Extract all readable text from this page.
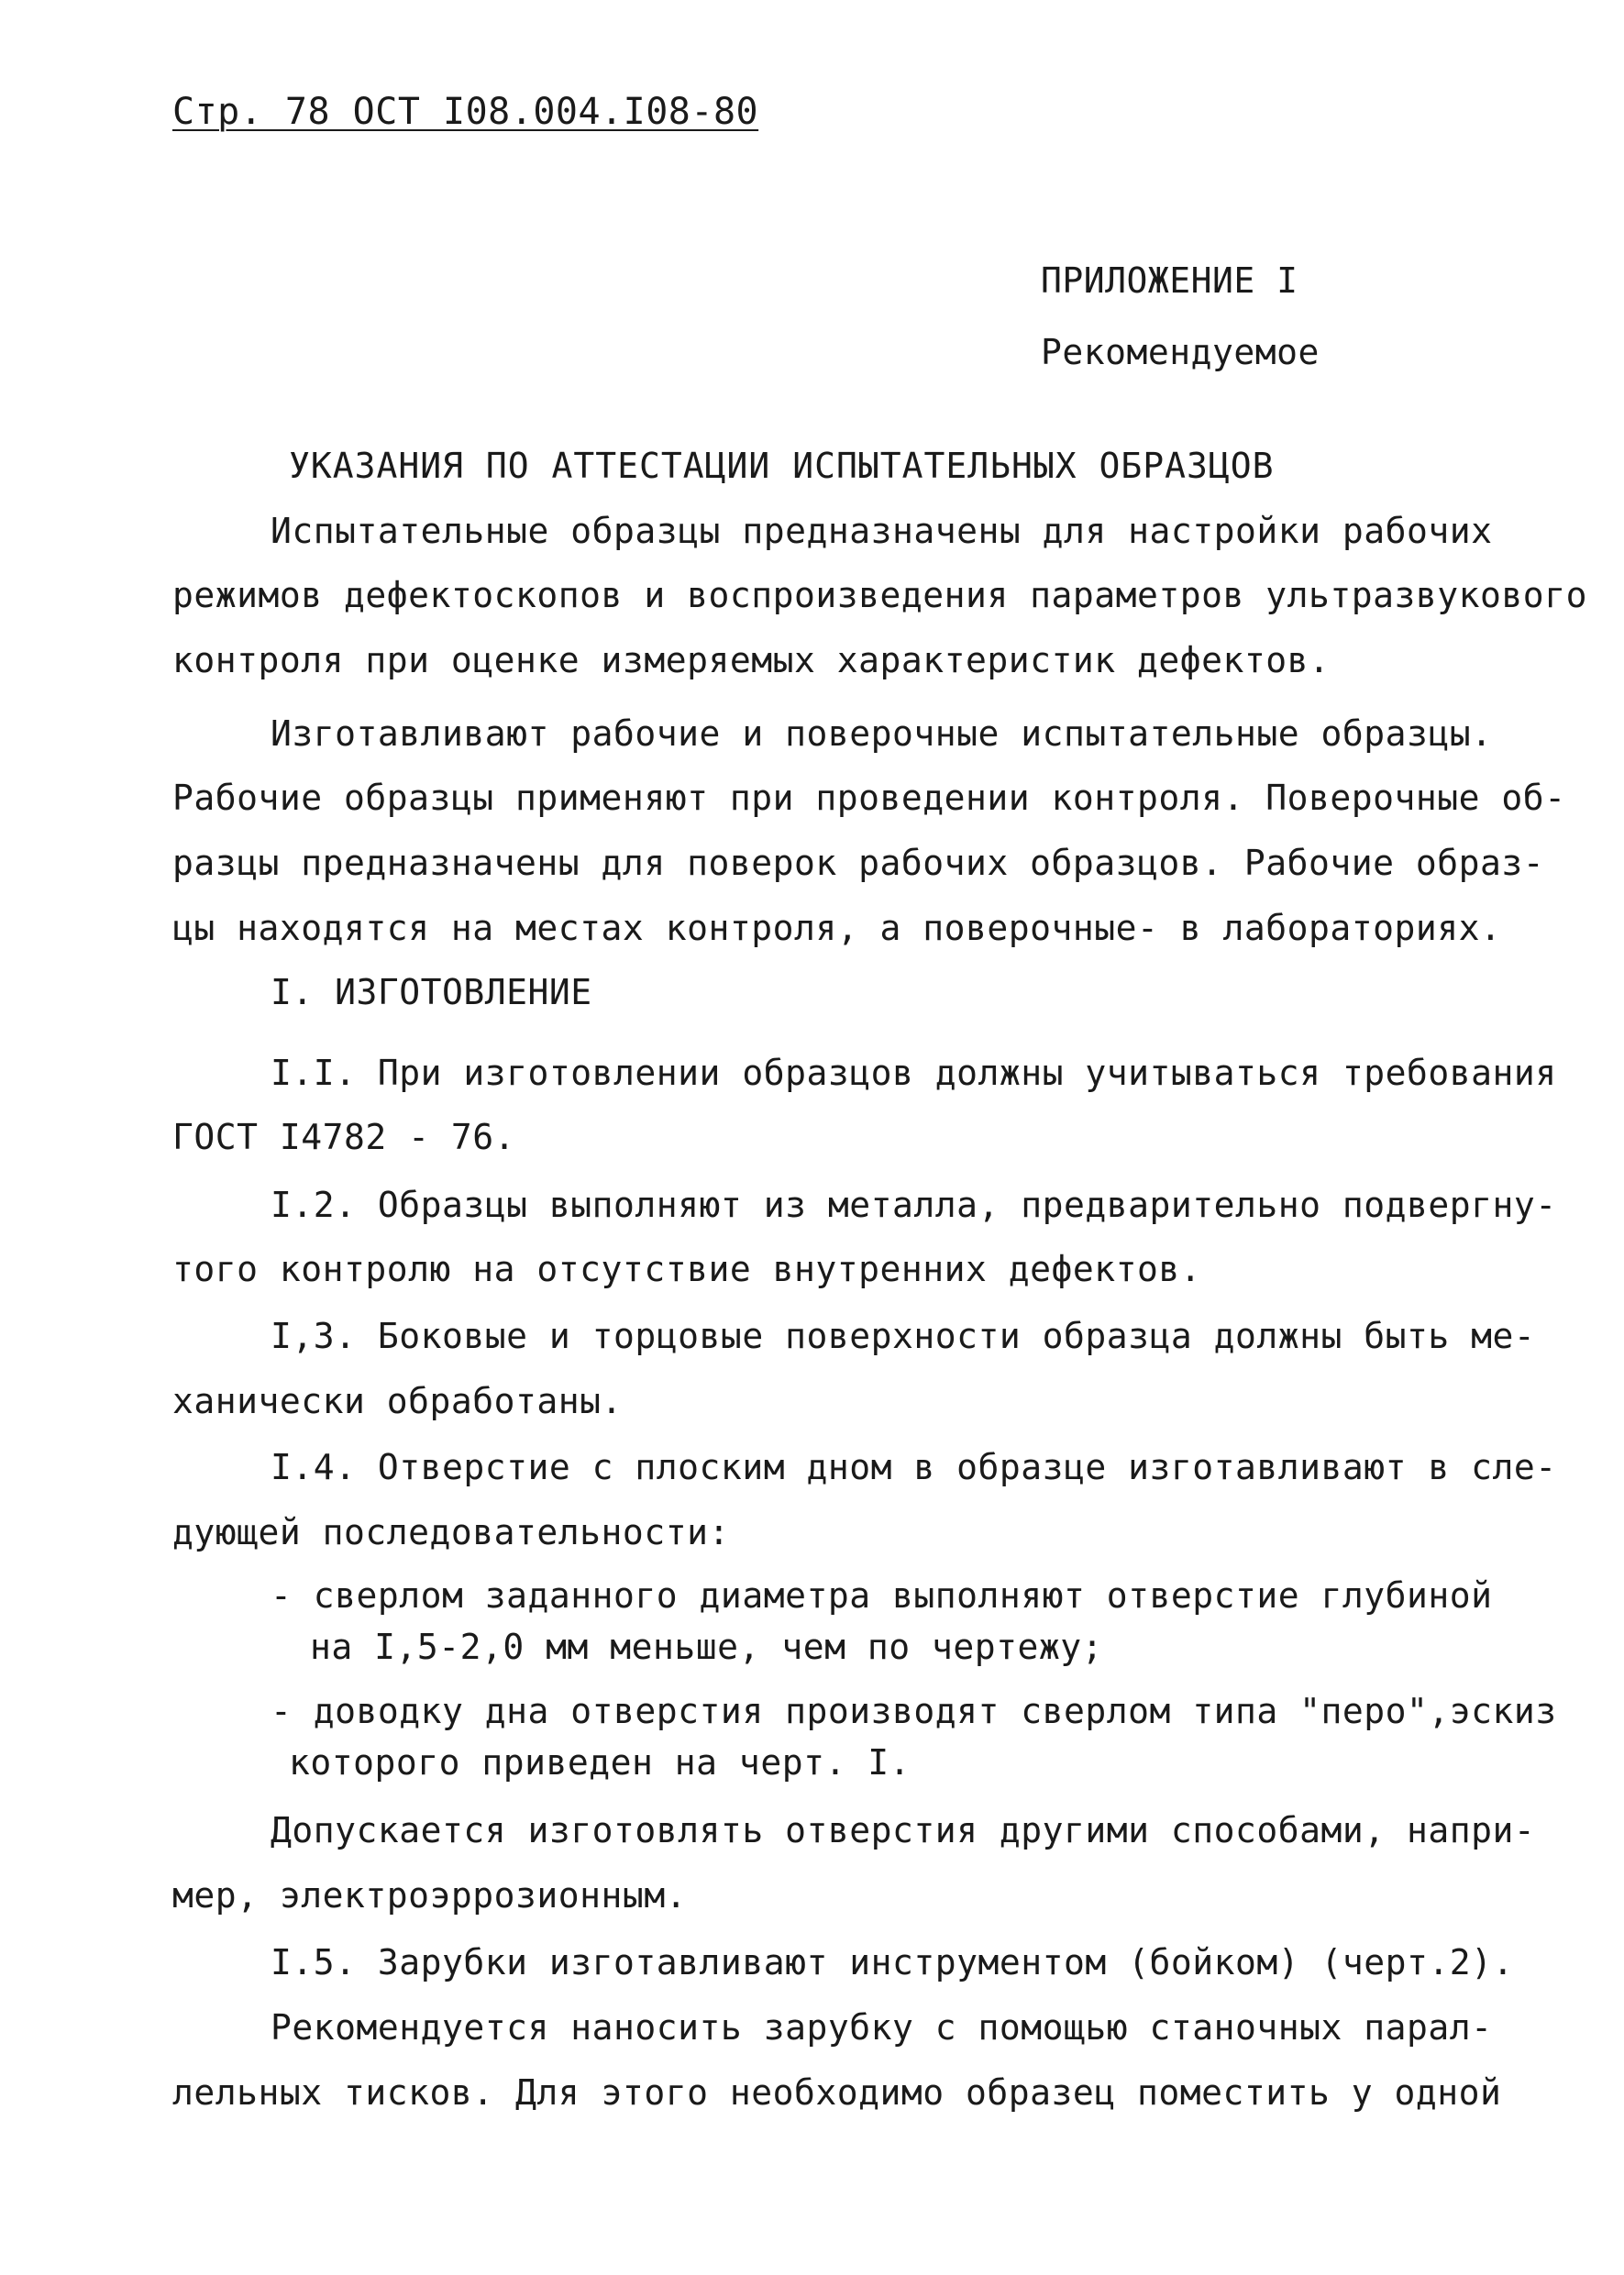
Стр. 78 ОСТ I08.004.I08-80
ПРИЛОЖЕНИЕ I
Рекомендуемое
УКАЗАНИЯ ПО АТТЕСТАЦИИ ИСПЫТАТЕЛЬНЫХ ОБРАЗЦОВ
Испытательные образцы предназначены для настройки рабочих
режимов дефектоскопов и воспроизведения параметров ультразвукового
контроля при оценке измеряемых характеристик дефектов.
Изготавливают рабочие и поверочные испытательные образцы.
Рабочие образцы применяют при проведении контроля. Поверочные об-
разцы предназначены для поверок рабочих образцов. Рабочие образ-
цы находятся на местах контроля, а поверочные- в лабораториях.
I. ИЗГОТОВЛЕНИЕ
I.I. При изготовлении образцов должны учитываться требования
ГОСТ I4782 - 76.
I.2. Образцы выполняют из металла, предварительно подвергну-
того контролю на отсутствие внутренних дефектов.
I,3. Боковые и торцовые поверхности образца должны быть ме-
ханически обработаны.
I.4. Отверстие с плоским дном в образце изготавливают в сле-
дующей последовательности:
- сверлом заданного диаметра выполняют отверстие глубиной
на I,5-2,0 мм меньше, чем по чертежу;
- доводку дна отверстия производят сверлом типа "перо",эскиз
которого приведен на черт. I.
Допускается изготовлять отверстия другими способами, напри-
мер, электроэррозионным.
I.5. Зарубки изготавливают инструментом (бойком) (черт.2).
Рекомендуется наносить зарубку с помощью станочных парал-
лельных тисков. Для этого необходимо образец поместить у одной
